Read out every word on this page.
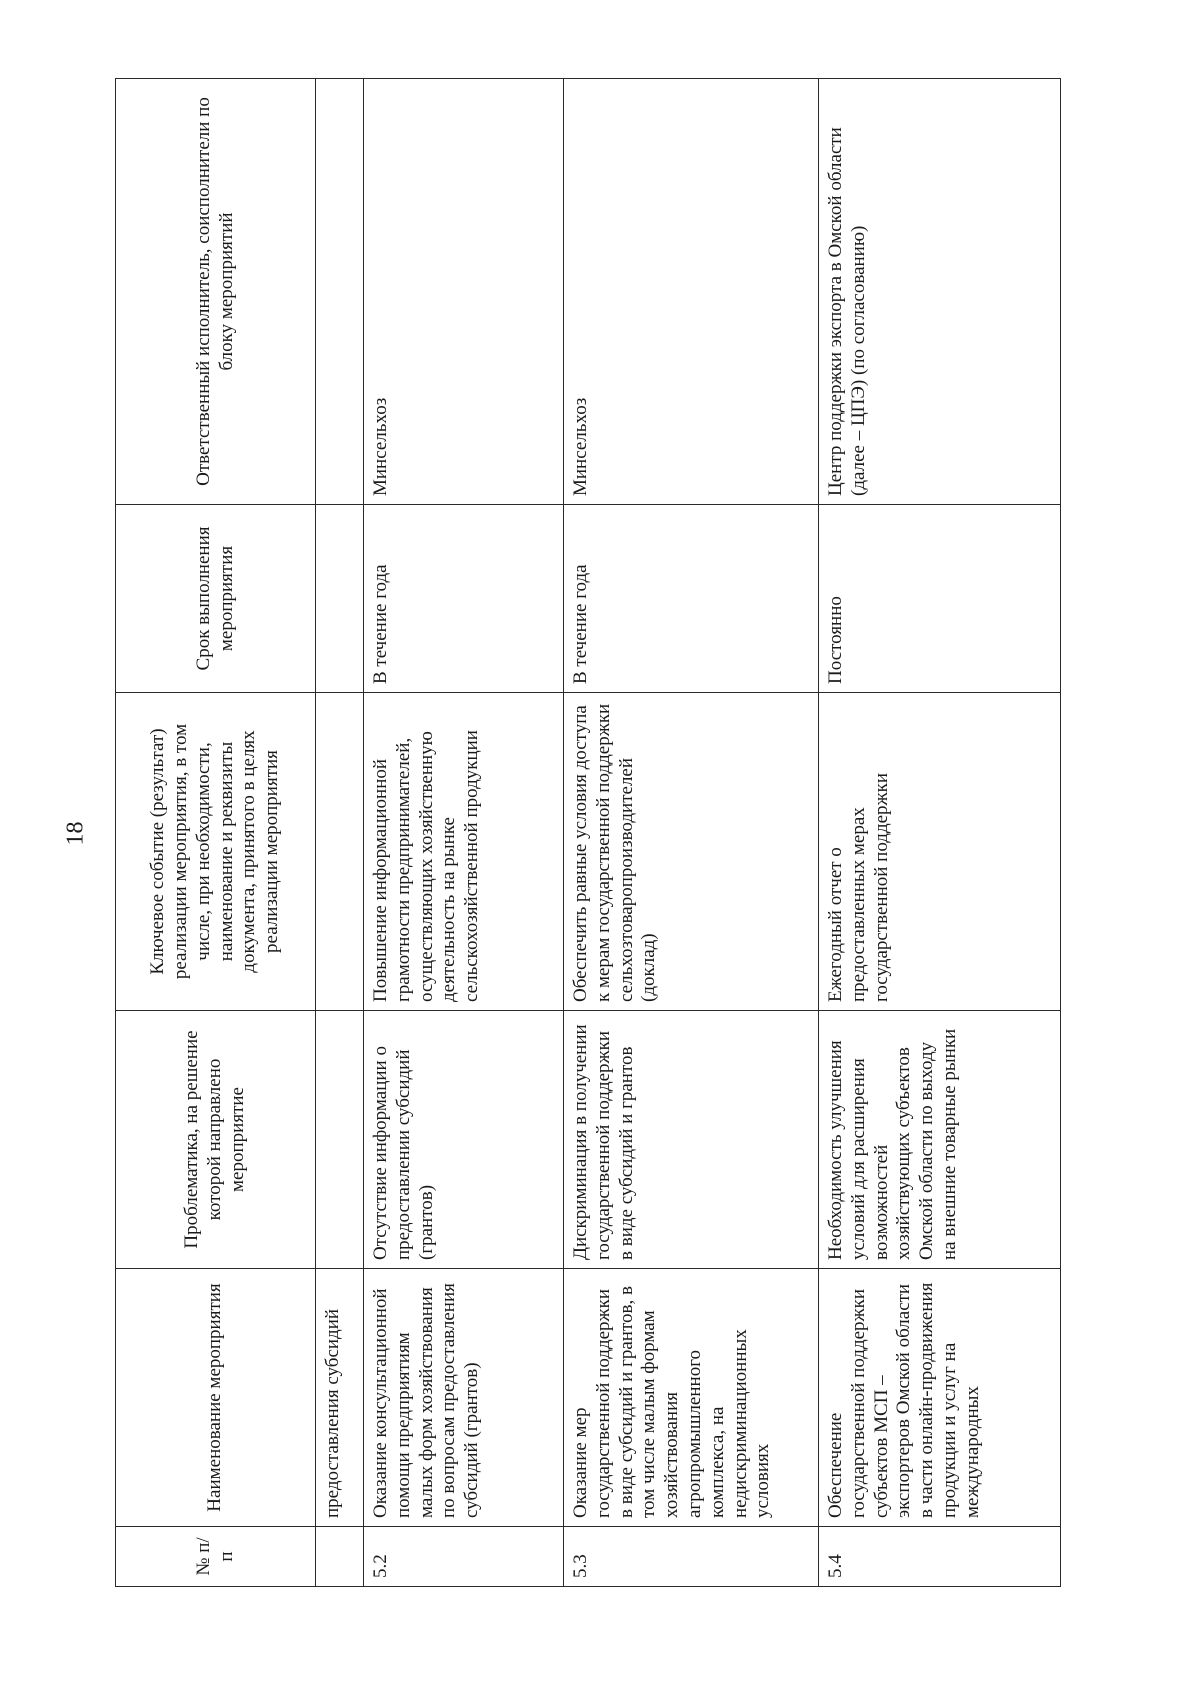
18
№ п/п	Наименование мероприятия	Проблематика, на решение которой направлено мероприятие	Ключевое событие (результат) реализации мероприятия, в том числе, при необходимости, наименование и реквизиты документа, принятого в целях реализации мероприятия	Срок выполнения мероприятия	Ответственный исполнитель, соисполнители по блоку мероприятий
	предоставления субсидий				
5.2	Оказание консультационной помощи предприятиям малых форм хозяйствования по вопросам предоставления субсидий (грантов)	Отсутствие информации о предоставлении субсидий (грантов)	Повышение информационной грамотности предпринимателей, осуществляющих хозяйственную деятельность на рынке сельскохозяйственной продукции	В течение года	Минсельхоз
5.3	Оказание мер государственной поддержки в виде субсидий и грантов, в том числе малым формам хозяйствования агропромышленного комплекса, на недискриминационных условиях	Дискриминация в получении государственной поддержки в виде субсидий и грантов	Обеспечить равные условия доступа к мерам государственной поддержки сельхозтоваропроизводителей (доклад)	В течение года	Минсельхоз
5.4	Обеспечение государственной поддержки субъектов МСП – экспортеров Омской области в части онлайн-продвижения продукции и услуг на международных	Необходимость улучшения условий для расширения возможностей хозяйствующих субъектов Омской области по выходу на внешние товарные рынки	Ежегодный отчет о предоставленных мерах государственной поддержки	Постоянно	Центр поддержки экспорта в Омской области (далее – ЦПЭ) (по согласованию)
